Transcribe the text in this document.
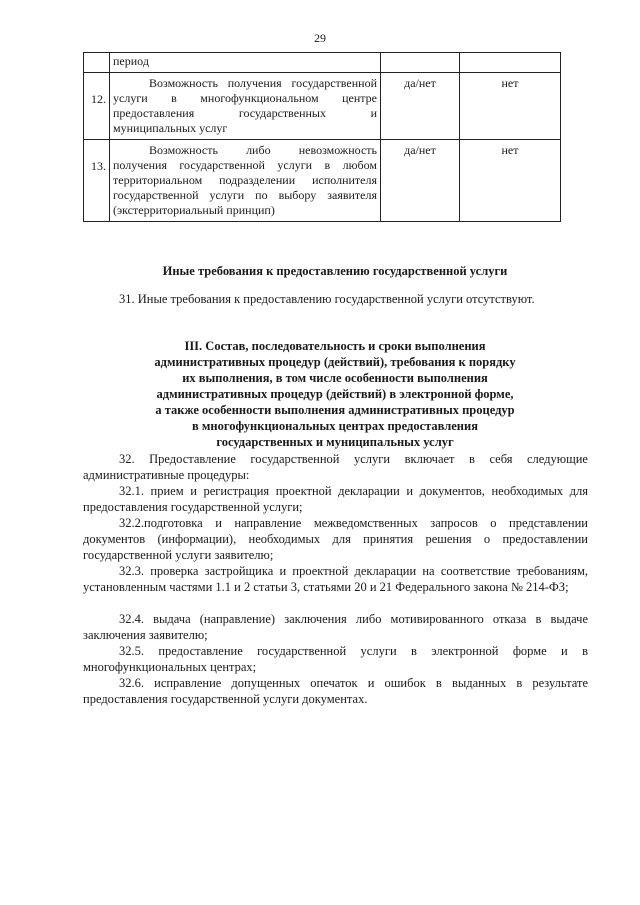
29
	период		

12.	Возможность получения государственной услуги в многофункциональном центре предоставления государственных и муниципальных услуг	да/нет	нет

13.	Возможность либо невозможность получения государственной услуги в любом территориальном подразделении исполнителя государственной услуги по выбору заявителя (экстерриториальный принцип)	да/нет	нет
Иные требования к предоставлению государственной услуги
31. Иные требования к предоставлению государственной услуги отсутствуют.
III. Состав, последовательность и сроки выполнения
административных процедур (действий), требования к порядку
их выполнения, в том числе особенности выполнения
административных процедур (действий) в электронной форме,
а также особенности выполнения административных процедур
в многофункциональных центрах предоставления
государственных и муниципальных услуг
32. Предоставление государственной услуги включает в себя следующие административные процедуры:
32.1. прием и регистрация проектной декларации и документов, необходимых для предоставления государственной услуги;
32.2.подготовка и направление межведомственных запросов о представлении документов (информации), необходимых для принятия решения о предоставлении государственной услуги заявителю;
32.3. проверка застройщика и проектной декларации на соответствие требованиям, установленным частями 1.1 и 2 статьи 3, статьями 20 и 21 Федерального закона № 214-ФЗ;
32.4. выдача (направление) заключения либо мотивированного отказа в выдаче заключения заявителю;
32.5. предоставление государственной услуги в электронной форме и в многофункциональных центрах;
32.6. исправление допущенных опечаток и ошибок в выданных в результате предоставления государственной услуги документах.
